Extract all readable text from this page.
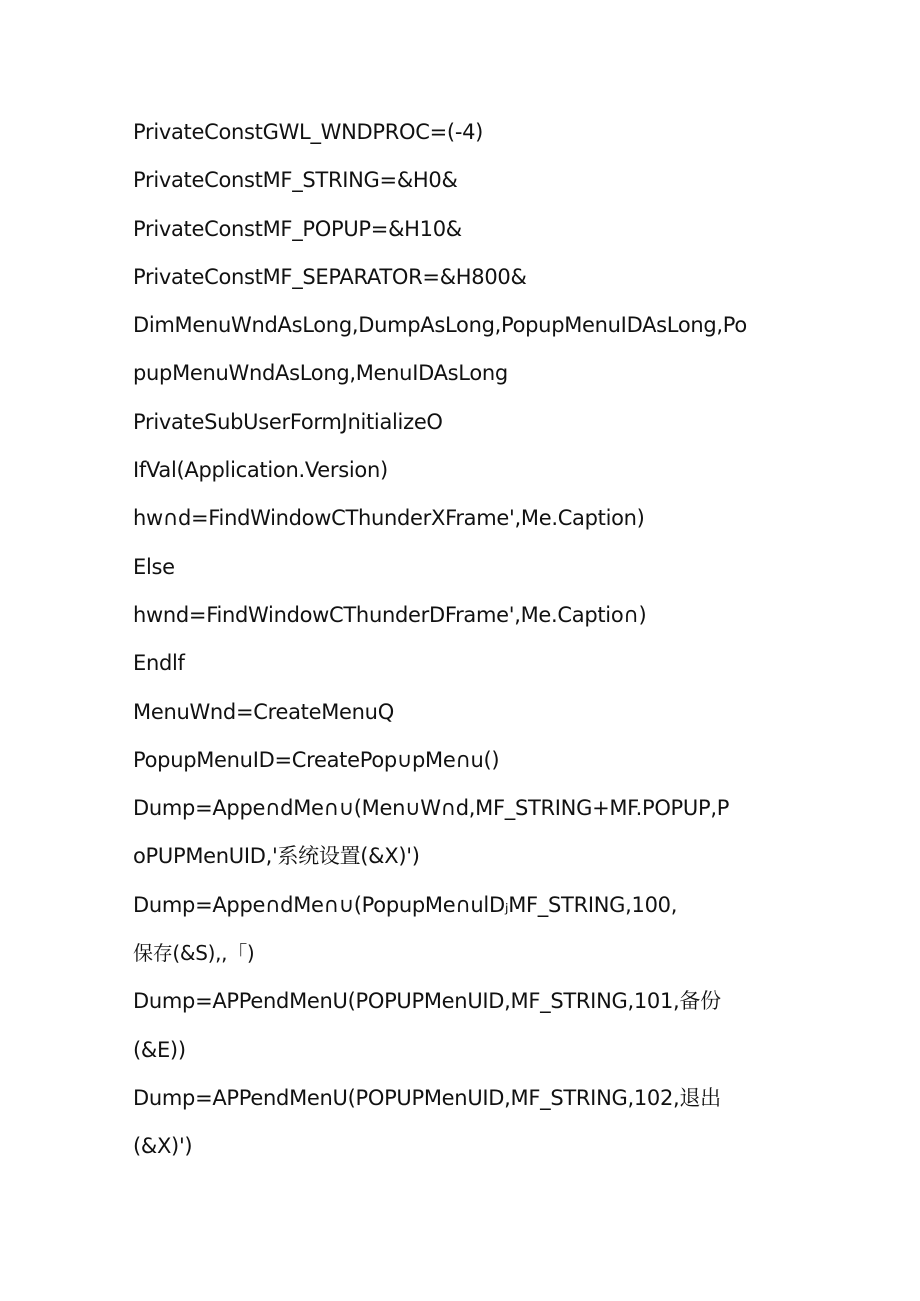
PrivateConstGWL_WNDPROC=(-4)
PrivateConstMF_STRING=&H0&
PrivateConstMF_POPUP=&H10&
PrivateConstMF_SEPARATOR=&H800&
DimMenuWndAsLong,DumpAsLong,PopupMenuIDAsLong,Po
pupMenuWndAsLong,MenuIDAsLong
PrivateSubUserFormJnitializeO
IfVal(Application.Version)
hw∩d=FindWindowCThunderXFrame',Me.Caption)
Else
hwnd=FindWindowCThunderDFrame',Me.Captio∩)
Endlf
MenuWnd=CreateMenuQ
PopupMenuID=CreatePop∪pMe∩u()
Dump=Appe∩dMe∩∪(Men∪W∩d,MF_STRING+MF.POPUP,P
oPUPMenUID,'系统设置(&X)')
Dump=Appe∩dMe∩∪(PopupMe∩ulDⱼMF_STRING,100,
保存(&S),,「)
Dump=APPendMenU(POPUPMenUID,MF_STRING,101,备份
(&E))
Dump=APPendMenU(POPUPMenUID,MF_STRING,102,退出
(&X)')
